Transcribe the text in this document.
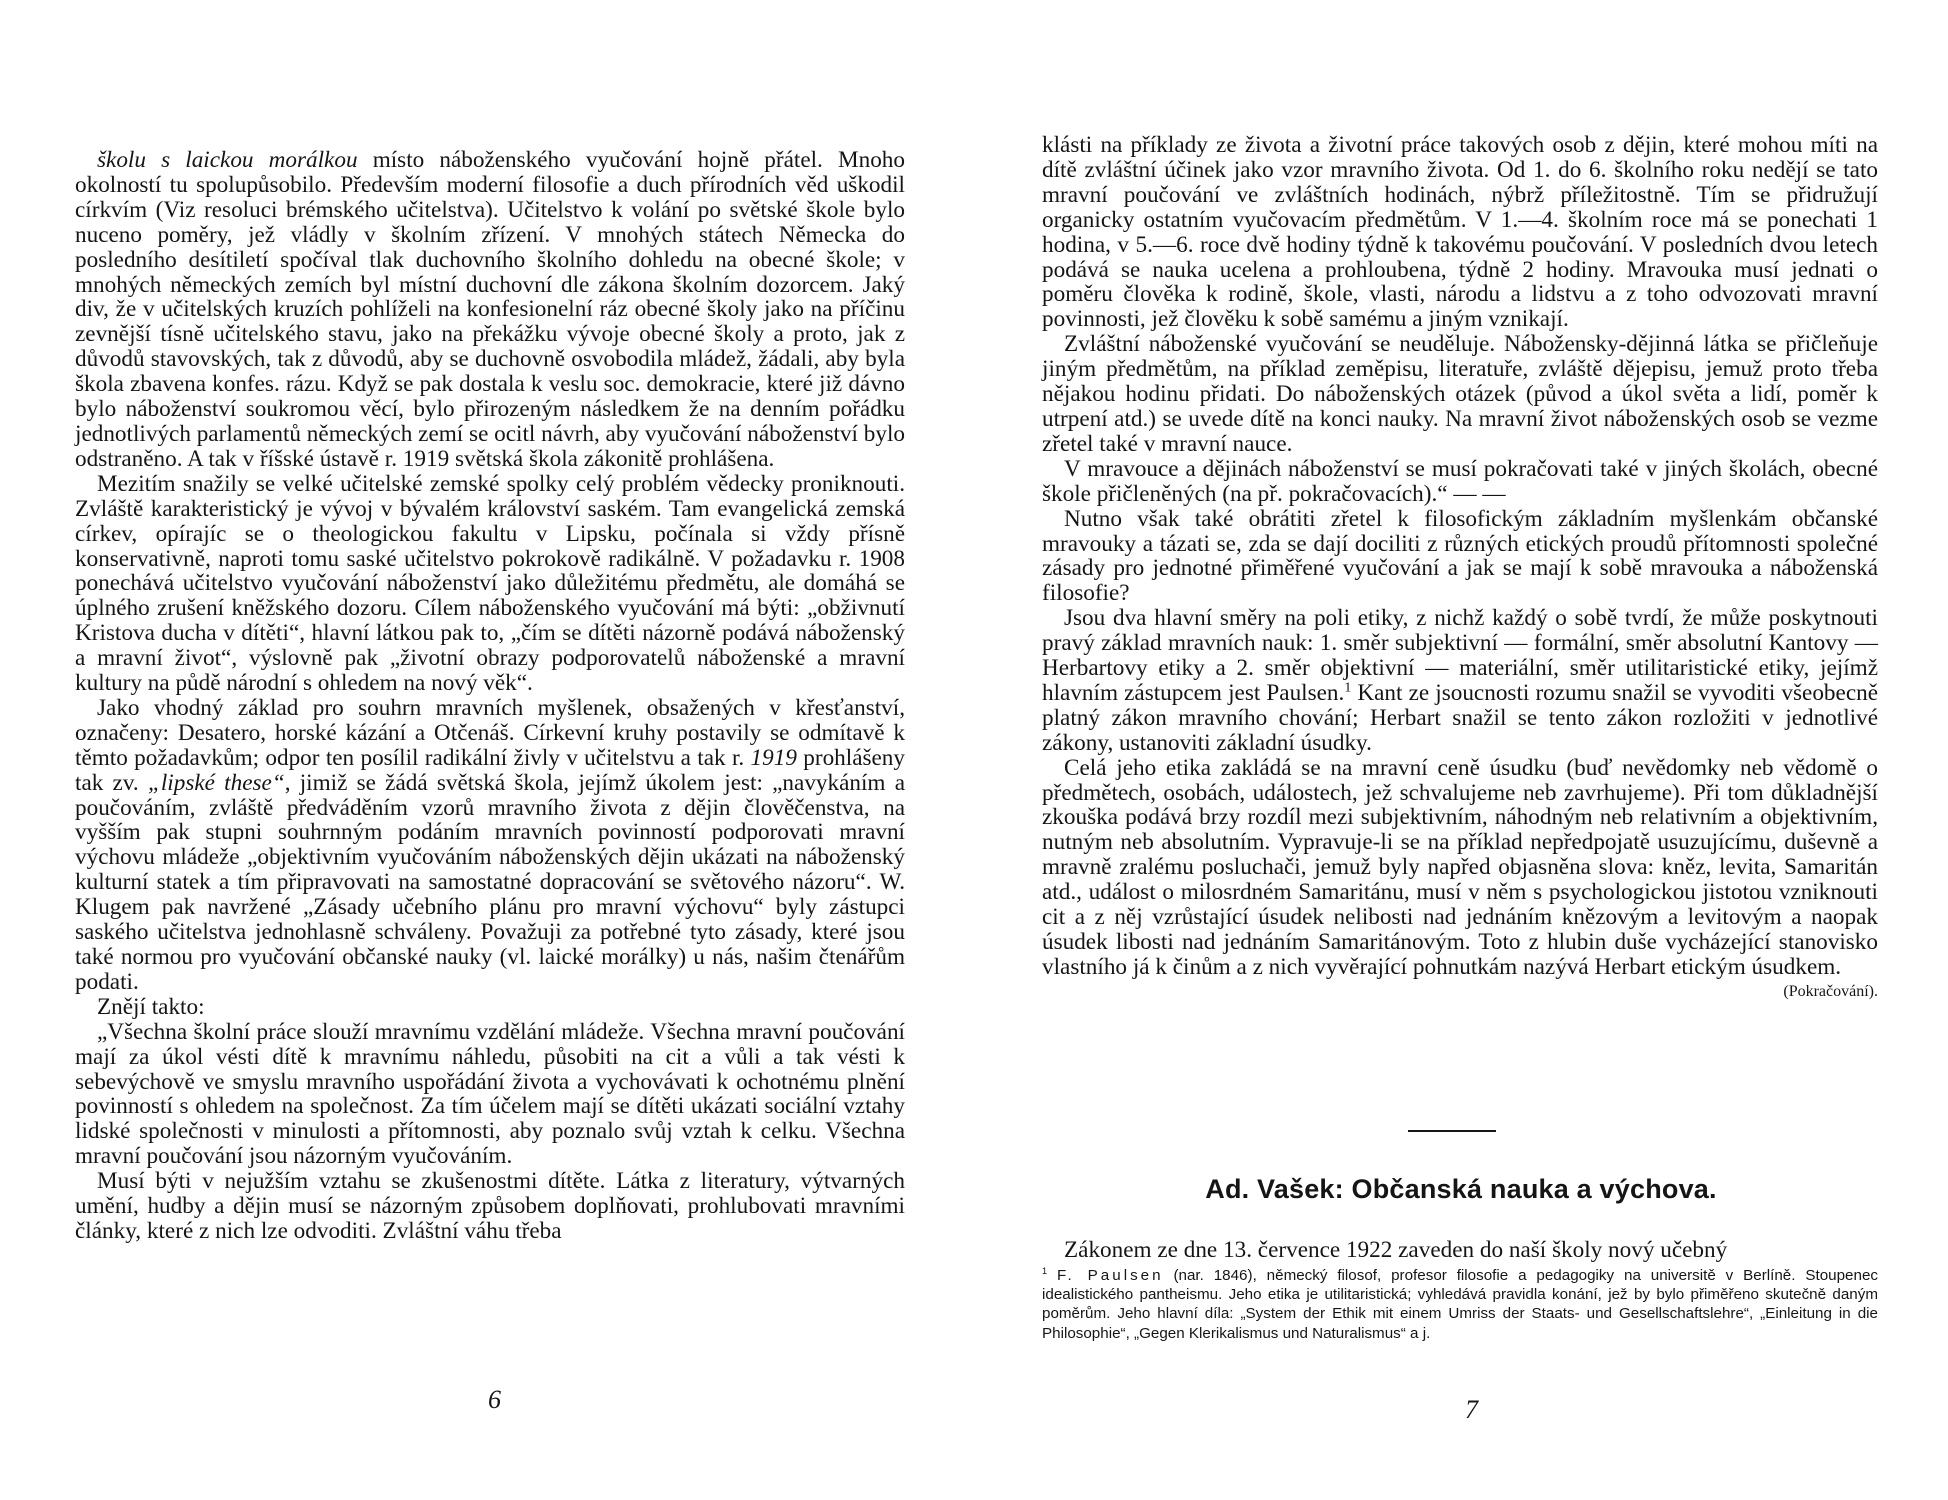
školu s laickou morálkou místo náboženského vyučování hojně přátel. Mnoho okolností tu spolupůsobilo. Především moderní filosofie a duch přírodních věd uškodil církvím (Viz resoluci brémského učitelstva). Učitelstvo k volání po světské škole bylo nuceno poměry, jež vládly v školním zřízení. V mnohých státech Německa do posledního desítiletí spočíval tlak duchovního školního dohledu na obecné škole; v mnohých německých zemích byl místní duchovní dle zákona školním dozorcem. Jaký div, že v učitelských kruzích pohlíželi na konfesionelní ráz obecné školy jako na příčinu zevnější tísně učitelského stavu, jako na překážku vývoje obecné školy a proto, jak z důvodů stavovských, tak z důvodů, aby se duchovně osvobodila mládež, žádali, aby byla škola zbavena konfes. rázu. Když se pak dostala k veslu soc. demokracie, které již dávno bylo náboženství soukromou věcí, bylo přirozeným následkem že na denním pořádku jednotlivých parlamentů německých zemí se ocitl návrh, aby vyučování náboženství bylo odstraněno. A tak v říšské ústavě r. 1919 světská škola zákonitě prohlášena.

Mezitím snažily se velké učitelské zemské spolky celý problém vědecky proniknouti. Zvláště karakteristický je vývoj v bývalém království saském. Tam evangelická zemská církev, opírajíc se o theologickou fakultu v Lipsku, počínala si vždy přísně konservativně, naproti tomu saské učitelstvo pokrokově radikálně. V požadavku r. 1908 ponechává učitelstvo vyučování náboženství jako důležitému předmětu, ale domáhá se úplného zrušení kněžského dozoru. Cílem náboženského vyučování má býti: „obživnutí Kristova ducha v dítěti“, hlavní látkou pak to, „čím se dítěti názorně podává náboženský a mravní život“, výslovně pak „životní obrazy podporovatelů náboženské a mravní kultury na půdě národní s ohledem na nový věk“.

Jako vhodný základ pro souhrn mravních myšlenek, obsažených v křesťanství, označeny: Desatero, horské kázání a Otčenáš. Církevní kruhy postavily se odmítavě k těmto požadavkům; odpor ten posílil radikální živly v učitelstvu a tak r. 1919 prohlášeny tak zv. „lipské these“, jimiž se žádá světská škola, jejímž úkolem jest: „navykáním a poučováním, zvláště předváděním vzorů mravního života z dějin člověčenstva, na vyšším pak stupni souhrnným podáním mravních povinností podporovati mravní výchovu mládeže „objektivním vyučováním náboženských dějin ukázati na náboženský kulturní statek a tím připravovati na samostatné dopracování se světového názoru“. W. Klugem pak navržené „Zásady učebního plánu pro mravní výchovu“ byly zástupci saského učitelstva jednohlasně schváleny. Považuji za potřebné tyto zásady, které jsou také normou pro vyučování občanské nauky (vl. laické morálky) u nás, našim čtenářům podati.

Znějí takto:

„Všechna školní práce slouží mravnímu vzdělání mládeže. Všechna mravní poučování mají za úkol vésti dítě k mravnímu náhledu, působiti na cit a vůli a tak vésti k sebevýchově ve smyslu mravního uspořádání života a vychovávati k ochotnému plnění povinností s ohledem na společnost. Za tím účelem mají se dítěti ukázati sociální vztahy lidské společnosti v minulosti a přítomnosti, aby poznalo svůj vztah k celku. Všechna mravní poučování jsou názorným vyučováním.

Musí býti v nejužším vztahu se zkušenostmi dítěte. Látka z literatury, výtvarných umění, hudby a dějin musí se názorným způsobem doplňovati, prohlubovati mravními články, které z nich lze odvoditi. Zvláštní váhu třeba

6

klásti na příklady ze života a životní práce takových osob z dějin, které mohou míti na dítě zvláštní účinek jako vzor mravního života. Od 1. do 6. školního roku nedějí se tato mravní poučování ve zvláštních hodinách, nýbrž příležitostně. Tím se přidružují organicky ostatním vyučovacím předmětům. V 1.—4. školním roce má se ponechati 1 hodina, v 5.—6. roce dvě hodiny týdně k takovému poučování. V posledních dvou letech podává se nauka ucelena a prohloubena, týdně 2 hodiny. Mravouka musí jednati o poměru člověka k rodině, škole, vlasti, národu a lidstvu a z toho odvozovati mravní povinnosti, jež člověku k sobě samému a jiným vznikají.

Zvláštní náboženské vyučování se neuděluje. Nábožensky-dějinná látka se přičleňuje jiným předmětům, na příklad zeměpisu, literatuře, zvláště dějepisu, jemuž proto třeba nějakou hodinu přidati. Do náboženských otázek (původ a úkol světa a lidí, poměr k utrpení atd.) se uvede dítě na konci nauky. Na mravní život náboženských osob se vezme zřetel také v mravní nauce.

V mravouce a dějinách náboženství se musí pokračovati také v jiných školách, obecné škole přičleněných (na př. pokračovacích).“ — —

Nutno však také obrátiti zřetel k filosofickým základním myšlenkám občanské mravouky a tázati se, zda se dají dociliti z různých etických proudů přítomnosti společné zásady pro jednotné přiměřené vyučování a jak se mají k sobě mravouka a náboženská filosofie?

Jsou dva hlavní směry na poli etiky, z nichž každý o sobě tvrdí, že může poskytnouti pravý základ mravních nauk: 1. směr subjektivní — formální, směr absolutní Kantovy — Herbartovy etiky a 2. směr objektivní — materiální, směr utilitaristické etiky, jejímž hlavním zástupcem jest Paulsen.$^1$ Kant ze jsoucnosti rozumu snažil se vyvoditi všeobecně platný zákon mravního chování; Herbart snažil se tento zákon rozložiti v jednotlivé zákony, ustanoviti základní úsudky.

Celá jeho etika zakládá se na mravní ceně úsudku (buď nevědomky neb vědomě o předmětech, osobách, událostech, jež schvalujeme neb zavrhujeme). Při tom důkladnější zkouška podává brzy rozdíl mezi subjektivním, náhodným neb relativním a objektivním, nutným neb absolutním. Vypravuje-li se na příklad nepředpojatě usuzujícímu, duševně a mravně zralému posluchači, jemuž byly napřed objasněna slova: kněz, levita, Samaritán atd., událost o milosrdném Samaritánu, musí v něm s psychologickou jistotou vzniknouti cit a z něj vzrůstající úsudek nelibosti nad jednáním knězovým a levitovým a naopak úsudek libosti nad jednáním Samaritánovým. Toto z hlubin duše vycházející stanovisko vlastního já k činům a z nich vyvěrající pohnutkám nazývá Herbart etickým úsudkem.
(Pokračování).

Ad. Vašek: Občanská nauka a výchova.
Zákonem ze dne 13. července 1922 zaveden do naší školy nový učebný
$^1$ F. Paulsen (nar. 1846), německý filosof, profesor filosofie a pedagogiky na universitě v Berlíně. Stoupenec idealistického pantheismu. Jeho etika je utilitaristická; vyhledává pravidla konání, jež by bylo přiměřeno skutečně daným poměrům. Jeho hlavní díla: „System der Ethik mit einem Umriss der Staats- und Gesellschaftslehre“, „Einleitung in die Philosophie“, „Gegen Klerikalismus und Naturalismus“ a j.
7
